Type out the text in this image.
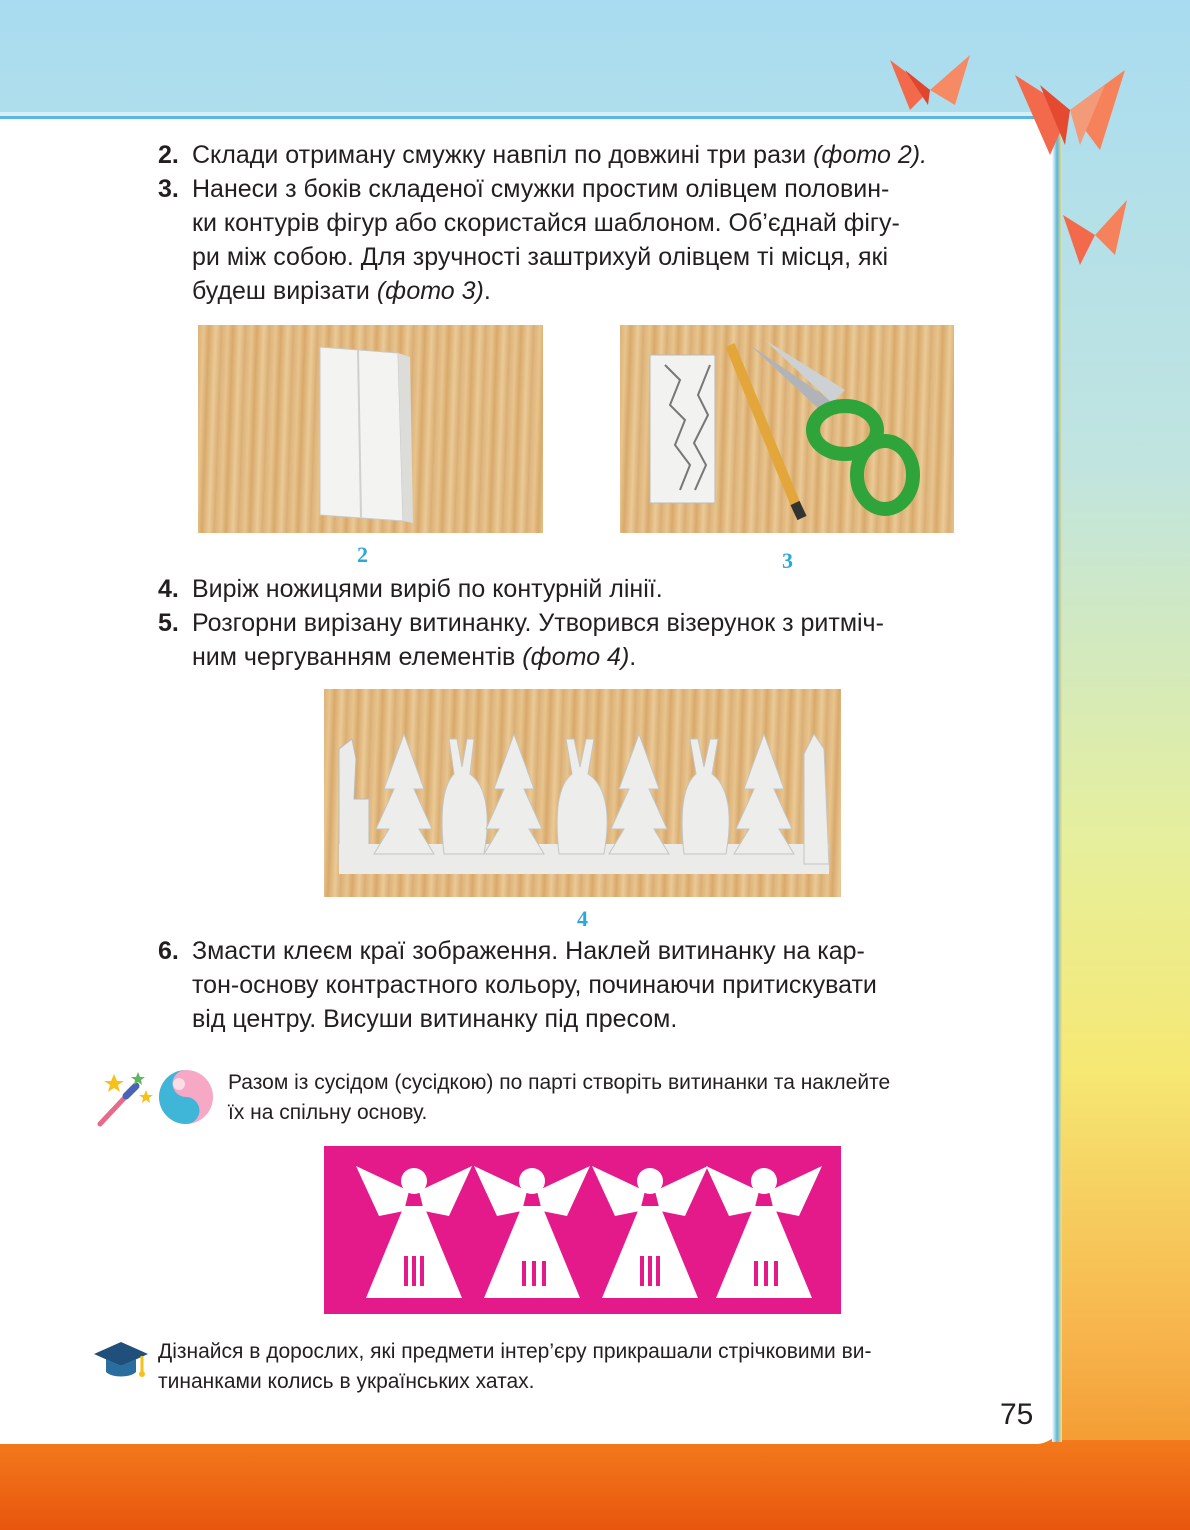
2. Склади отриману смужку навпіл по довжині три рази (фото 2).
3. Нанеси з боків складеної смужки простим олівцем половин-
ки контурів фігур або скористайся шаблоном. Об’єднай фігу-
ри між собою. Для зручності заштрихуй олівцем ті місця, які
будеш вирізати (фото 3).
2	3
4. Виріж ножицями виріб по контурній лінії.
5. Розгорни вирізану витинанку. Утворився візерунок з ритміч-
ним чергуванням елементів (фото 4).
4
6. Змасти клеєм краї зображення. Наклей витинанку на кар-
тон-основу контрастного кольору, починаючи притискувати
від центру. Висуши витинанку під пресом.
Разом із сусідом (сусідкою) по парті створіть витинанки та наклейте
їх на спільну основу.
Дізнайся в дорослих, які предмети інтер’єру прикрашали стрічковими ви-
тинанками колись в українських хатах.
75
